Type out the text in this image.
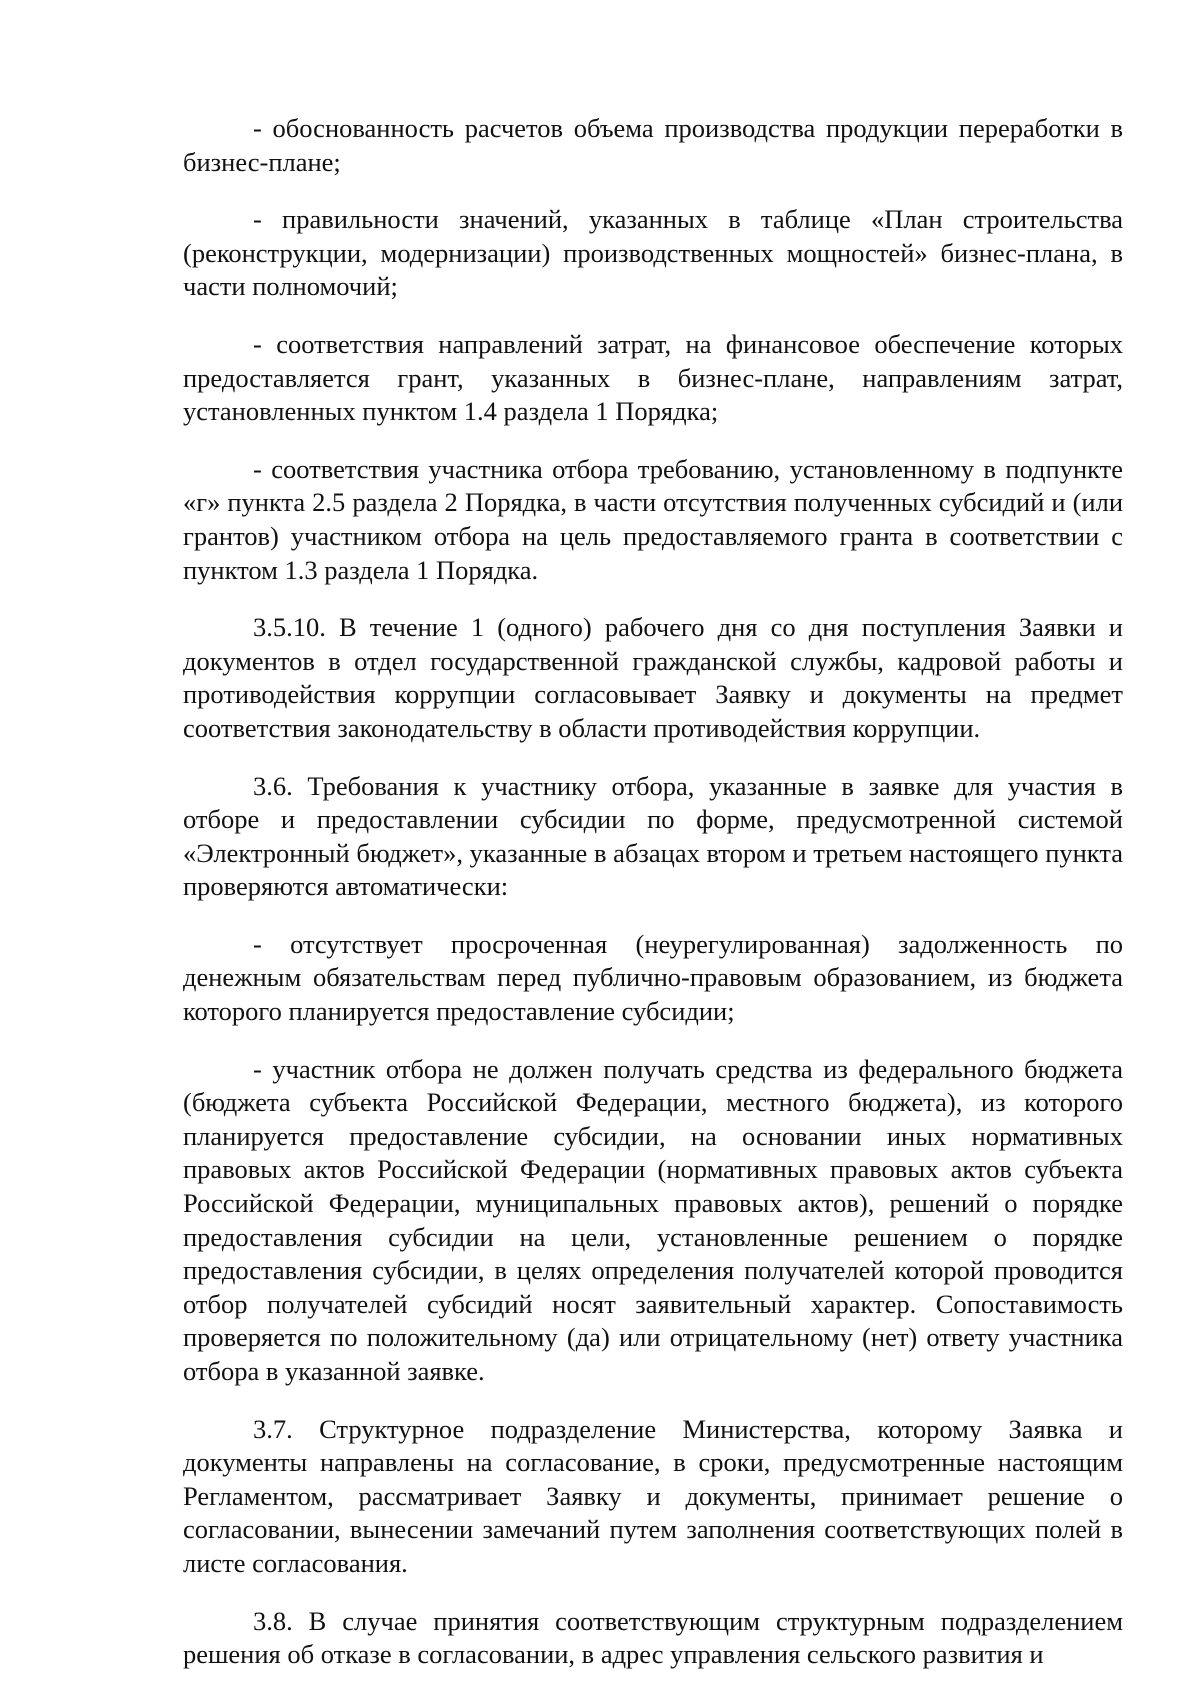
- обоснованность расчетов объема производства продукции переработки в бизнес-плане;

- правильности значений, указанных в таблице «План строительства (реконструкции, модернизации) производственных мощностей» бизнес-плана, в части полномочий;

- соответствия направлений затрат, на финансовое обеспечение которых предоставляется грант, указанных в бизнес-плане, направлениям затрат, установленных пунктом 1.4 раздела 1 Порядка;

- соответствия участника отбора требованию, установленному в подпункте «г» пункта 2.5 раздела 2 Порядка, в части отсутствия полученных субсидий и (или грантов) участником отбора на цель предоставляемого гранта в соответствии с пунктом 1.3 раздела 1 Порядка.

3.5.10. В течение 1 (одного) рабочего дня со дня поступления Заявки и документов в отдел государственной гражданской службы, кадровой работы и противодействия коррупции согласовывает Заявку и документы на предмет соответствия законодательству в области противодействия коррупции.

3.6. Требования к участнику отбора, указанные в заявке для участия в отборе и предоставлении субсидии по форме, предусмотренной системой «Электронный бюджет», указанные в абзацах втором и третьем настоящего пункта проверяются автоматически:

- отсутствует просроченная (неурегулированная) задолженность по денежным обязательствам перед публично-правовым образованием, из бюджета которого планируется предоставление субсидии;

- участник отбора не должен получать средства из федерального бюджета (бюджета субъекта Российской Федерации, местного бюджета), из которого планируется предоставление субсидии, на основании иных нормативных правовых актов Российской Федерации (нормативных правовых актов субъекта Российской Федерации, муниципальных правовых актов), решений о порядке предоставления субсидии на цели, установленные решением о порядке предоставления субсидии, в целях определения получателей которой проводится отбор получателей субсидий носят заявительный характер. Сопоставимость проверяется по положительному (да) или отрицательному (нет) ответу участника отбора в указанной заявке.

3.7. Структурное подразделение Министерства, которому Заявка и документы направлены на согласование, в сроки, предусмотренные настоящим Регламентом, рассматривает Заявку и документы, принимает решение о согласовании, вынесении замечаний путем заполнения соответствующих полей в листе согласования.

3.8. В случае принятия соответствующим структурным подразделением решения об отказе в согласовании, в адрес управления сельского развития и
